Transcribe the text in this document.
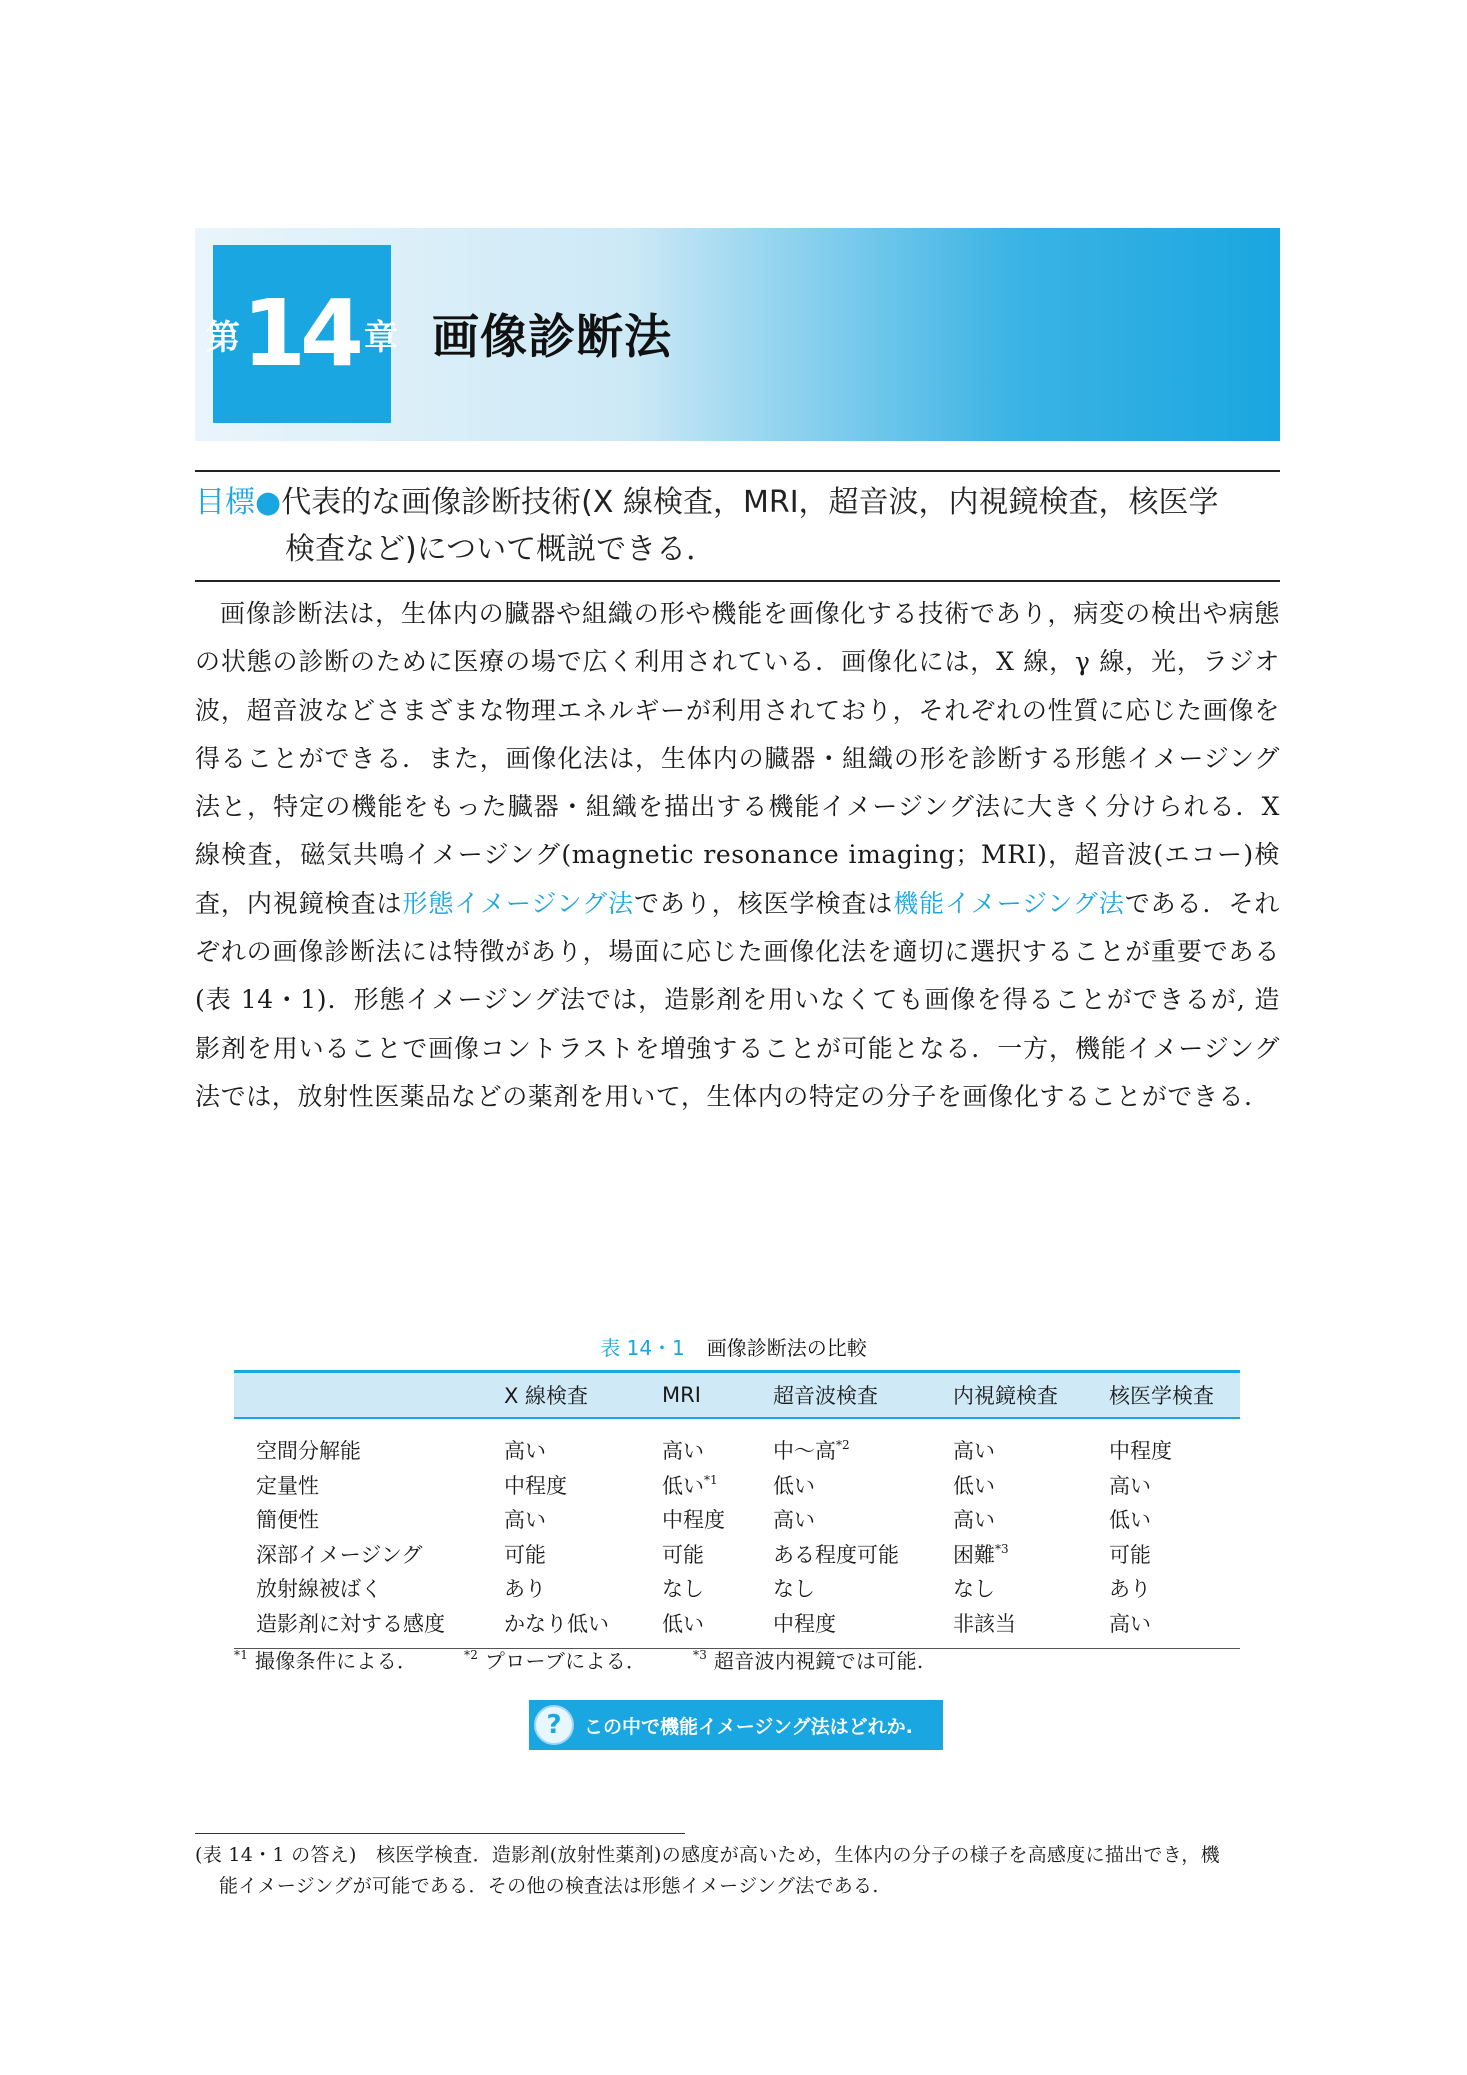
第 14 章 画像診断法
目標●代表的な画像診断技術(X 線検査，MRI，超音波，内視鏡検査，核医学
検査など)について概説できる．
画像診断法は，生体内の臓器や組織の形や機能を画像化する技術であり，病変の検出や病態の状態の診断のために医療の場で広く利用されている．画像化には，X 線，γ 線，光，ラジオ波，超音波などさまざまな物理エネルギーが利用されており，それぞれの性質に応じた画像を得ることができる．また，画像化法は，生体内の臓器・組織の形を診断する形態イメージング法と，特定の機能をもった臓器・組織を描出する機能イメージング法に大きく分けられる．X 線検査，磁気共鳴イメージング(magnetic resonance imaging；MRI)，超音波(エコー)検査，内視鏡検査は形態イメージング法であり，核医学検査は機能イメージング法である．それぞれの画像診断法には特徴があり，場面に応じた画像化法を適切に選択することが重要である(表 14・1)．形態イメージング法では，造影剤を用いなくても画像を得ることができるが, 造影剤を用いることで画像コントラストを増強することが可能となる．一方，機能イメージング法では，放射性医薬品などの薬剤を用いて，生体内の特定の分子を画像化することができる．
表 14・1 画像診断法の比較
	X 線検査	MRI	超音波検査	内視鏡検査	核医学検査
空間分解能	高い	高い	中～高$^{*2}$	高い	中程度
定量性	中程度	低い$^{*1}$	低い	低い	高い
簡便性	高い	中程度	高い	高い	低い
深部イメージング	可能	可能	ある程度可能	困難$^{*3}$	可能
放射線被ばく	あり	なし	なし	なし	あり
造影剤に対する感度	かなり低い	低い	中程度	非該当	高い
$^{*1}$ 撮像条件による．	$^{*2}$ プローブによる．	$^{*3}$ 超音波内視鏡では可能.
?	この中で機能イメージング法はどれか.
(表 14・1 の答え)　核医学検査．造影剤(放射性薬剤)の感度が高いため，生体内の分子の様子を高感度に描出でき，機
能イメージングが可能である．その他の検査法は形態イメージング法である.
